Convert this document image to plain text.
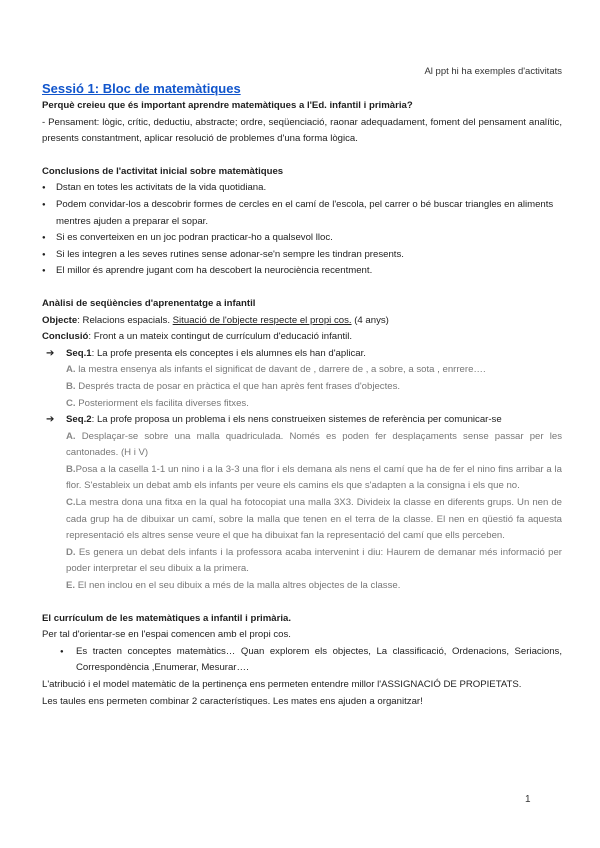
Al ppt hi ha exemples d'activitats

Sessió 1: Bloc de matemàtiques

Perquè creieu que és important aprendre matemàtiques a l'Ed. infantil i primària?

- Pensament: lògic, crític, deductiu, abstracte; ordre, seqüenciació, raonar adequadament, foment del pensament analític, presents constantment, aplicar resolució de problemes d'una forma lògica.

Conclusions de l'activitat inicial sobre matemàtiques

● Dstan en totes les activitats de la vida quotidiana.
● Podem convidar-los a descobrir formes de cercles en el camí de l'escola, pel carrer o bé buscar triangles en aliments mentres ajuden a preparar el sopar.
● Si es converteixen en un joc podran practicar-ho a qualsevol lloc.
● Si les integren a les seves rutines sense adonar-se'n sempre les tindran presents.
● El millor és aprendre jugant com ha descobert la neurociència recentment.

Anàlisi de seqüències d'aprenentatge a infantil

Objecte: Relacions espacials. Situació de l'objecte respecte el propi cos. (4 anys)

Conclusió: Front a un mateix contingut de currículum d'educació infantil.

➔ Seq.1: La profe presenta els conceptes i els alumnes els han d'aplicar.

A. la mestra ensenya als infants el significat de davant de , darrere de , a sobre, a sota , enrrere….

B. Després tracta de posar en pràctica el que han après fent frases d'objectes.

C. Posteriorment els facilita diverses fitxes.

➔ Seq.2: La profe proposa un problema i els nens construeixen sistemes de referència per comunicar-se

A. Desplaçar-se sobre una malla quadriculada. Només es poden fer desplaçaments sense passar per les cantonades. (H i V)

B.Posa a la casella 1-1 un nino i a la 3-3 una flor i els demana als nens el camí que ha de fer el nino fins arribar a la flor. S'estableix un debat amb els infants per veure els camins els que s'adapten a la consigna i els que no.

C.La mestra dona una fitxa en la qual ha fotocopiat una malla 3X3. Divideix la classe en diferents grups. Un nen de cada grup ha de dibuixar un camí, sobre la malla que tenen en el terra de la classe. El nen en qüestió fa aquesta representació els altres sense veure el que ha dibuixat fan la representació del camí que ells perceben.

D. Es genera un debat dels infants i la professora acaba intervenint i diu: Haurem de demanar més informació per poder interpretar el seu dibuix a la primera.

E. El nen inclou en el seu dibuix a més de la malla altres objectes de la classe.

El currículum de les matemàtiques a infantil i primària.

Per tal d'orientar-se en l'espai comencen amb el propi cos.

● Es tracten conceptes matemàtics… Quan explorem els objectes, La classificació, Ordenacions, Seriacions, Correspondència ,Enumerar, Mesurar….

L'atribució i el model matemàtic de la pertinença ens permeten entendre millor l'ASSIGNACIÓ DE PROPIETATS.

Les taules ens permeten combinar 2 característiques. Les mates ens ajuden a organitzar!

1
